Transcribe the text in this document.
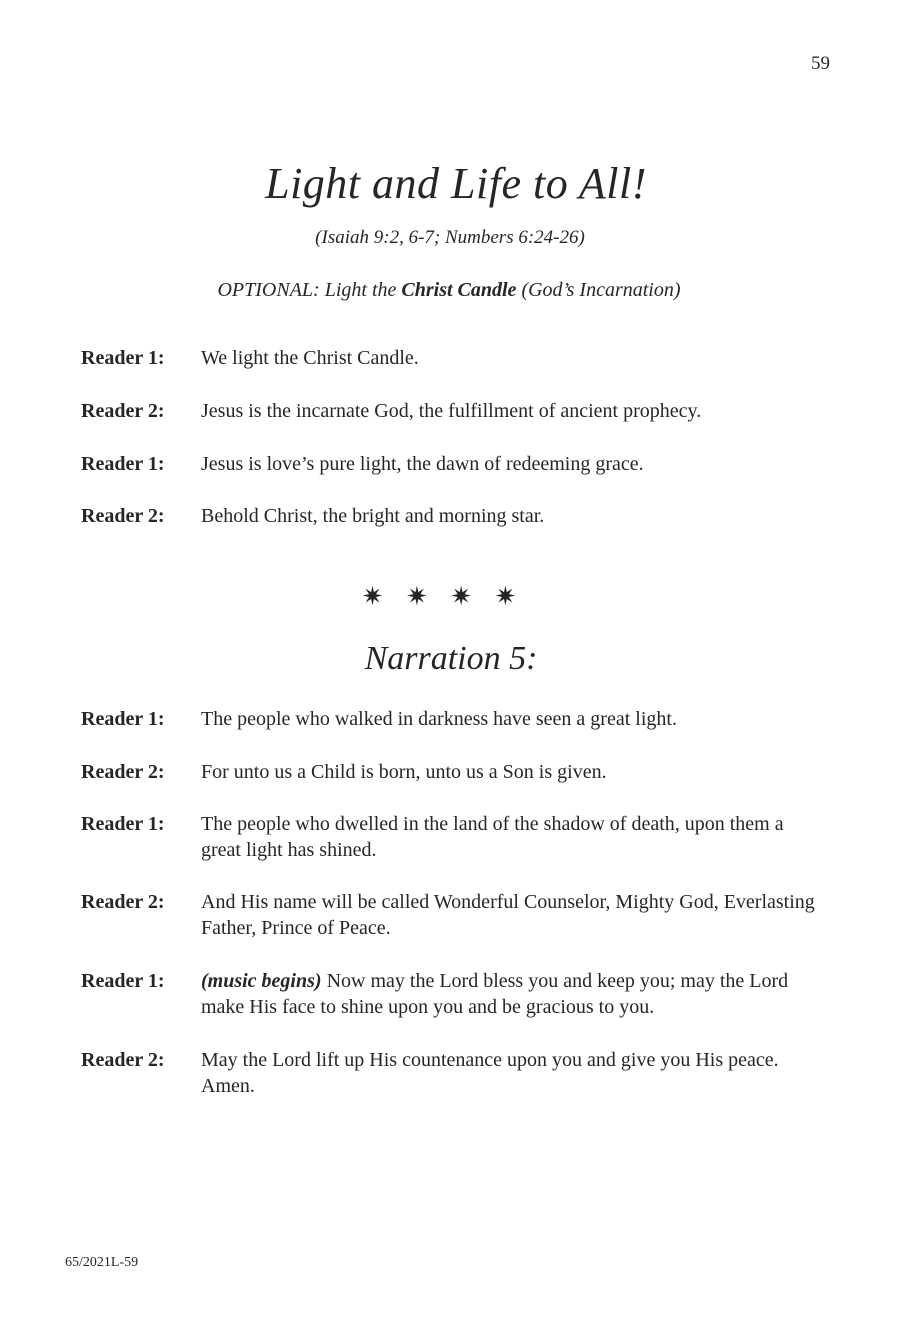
59
Light and Life to All!
(Isaiah 9:2, 6-7; Numbers 6:24-26)
OPTIONAL: Light the Christ Candle (God’s Incarnation)
Reader 1: We light the Christ Candle.
Reader 2: Jesus is the incarnate God, the fulfillment of ancient prophecy.
Reader 1: Jesus is love’s pure light, the dawn of redeeming grace.
Reader 2: Behold Christ, the bright and morning star.
✷ ✷ ✷ ✷
Narration 5:
Reader 1: The people who walked in darkness have seen a great light.
Reader 2: For unto us a Child is born, unto us a Son is given.
Reader 1: The people who dwelled in the land of the shadow of death, upon them a great light has shined.
Reader 2: And His name will be called Wonderful Counselor, Mighty God, Everlasting Father, Prince of Peace.
Reader 1: (music begins) Now may the Lord bless you and keep you; may the Lord make His face to shine upon you and be gracious to you.
Reader 2: May the Lord lift up His countenance upon you and give you His peace. Amen.
65/2021L-59
